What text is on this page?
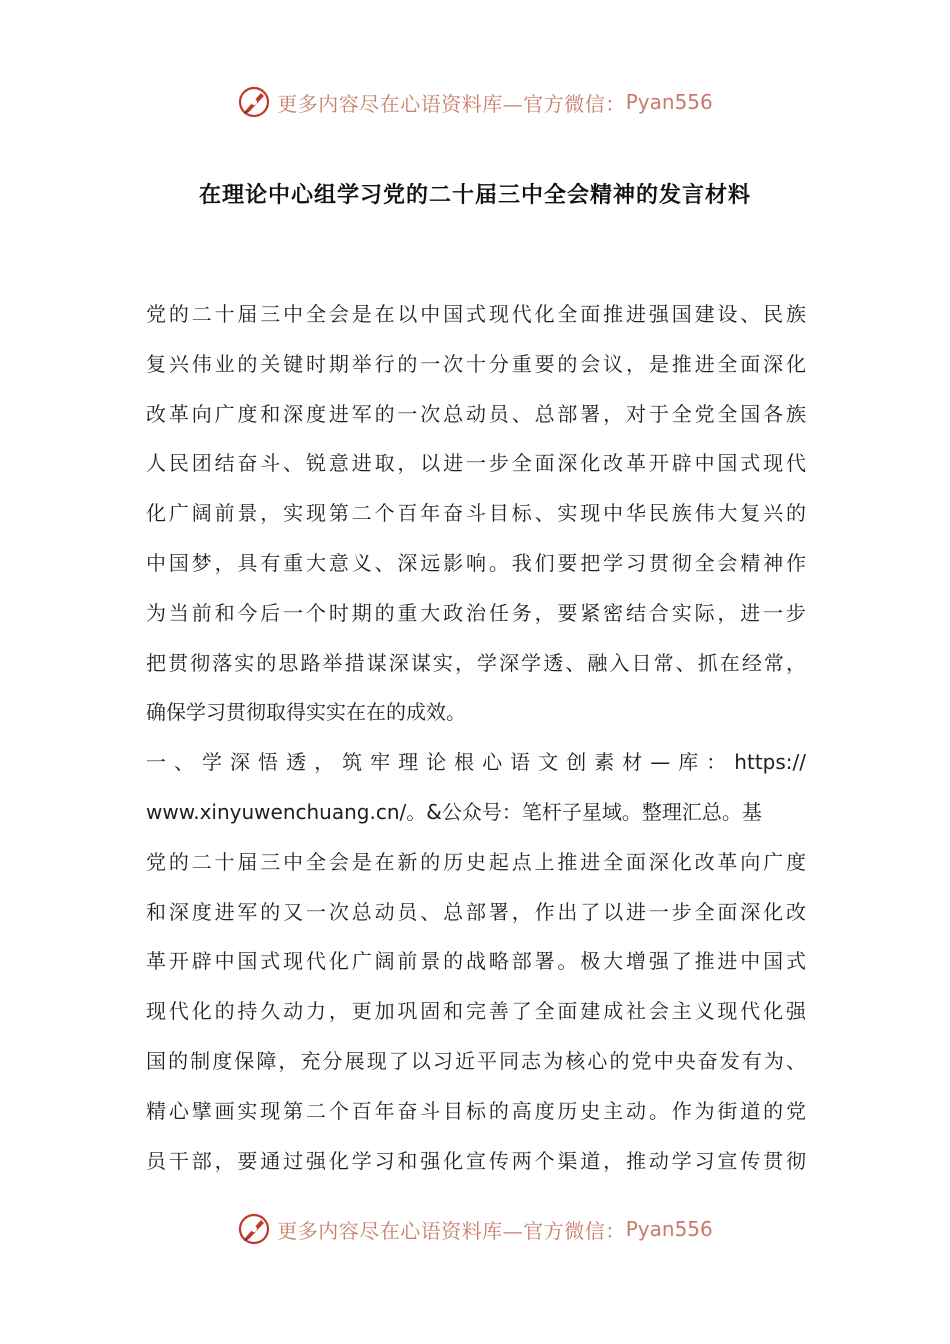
更多内容尽在心语资料库—官方微信： Pyan556
在理论中心组学习党的二十届三中全会精神的发言材料
党的二十届三中全会是在以中国式现代化全面推进强国建设、民族
复兴伟业的关键时期举行的一次十分重要的会议，是推进全面深化
改革向广度和深度进军的一次总动员、总部署，对于全党全国各族
人民团结奋斗、锐意进取，以进一步全面深化改革开辟中国式现代
化广阔前景，实现第二个百年奋斗目标、实现中华民族伟大复兴的
中国梦，具有重大意义、深远影响。我们要把学习贯彻全会精神作
为当前和今后一个时期的重大政治任务，要紧密结合实际，进一步
把贯彻落实的思路举措谋深谋实，学深学透、融入日常、抓在经常，
确保学习贯彻取得实实在在的成效。
一、学深悟透，筑牢理论根心语文创素材—库：https://
www.xinyuwenchuang.cn/。&公众号：笔杆子星域。整理汇总。基
党的二十届三中全会是在新的历史起点上推进全面深化改革向广度
和深度进军的又一次总动员、总部署，作出了以进一步全面深化改
革开辟中国式现代化广阔前景的战略部署。极大增强了推进中国式
现代化的持久动力，更加巩固和完善了全面建成社会主义现代化强
国的制度保障，充分展现了以习近平同志为核心的党中央奋发有为、
精心擘画实现第二个百年奋斗目标的高度历史主动。作为街道的党
员干部，要通过强化学习和强化宣传两个渠道，推动学习宣传贯彻
更多内容尽在心语资料库—官方微信： Pyan556
